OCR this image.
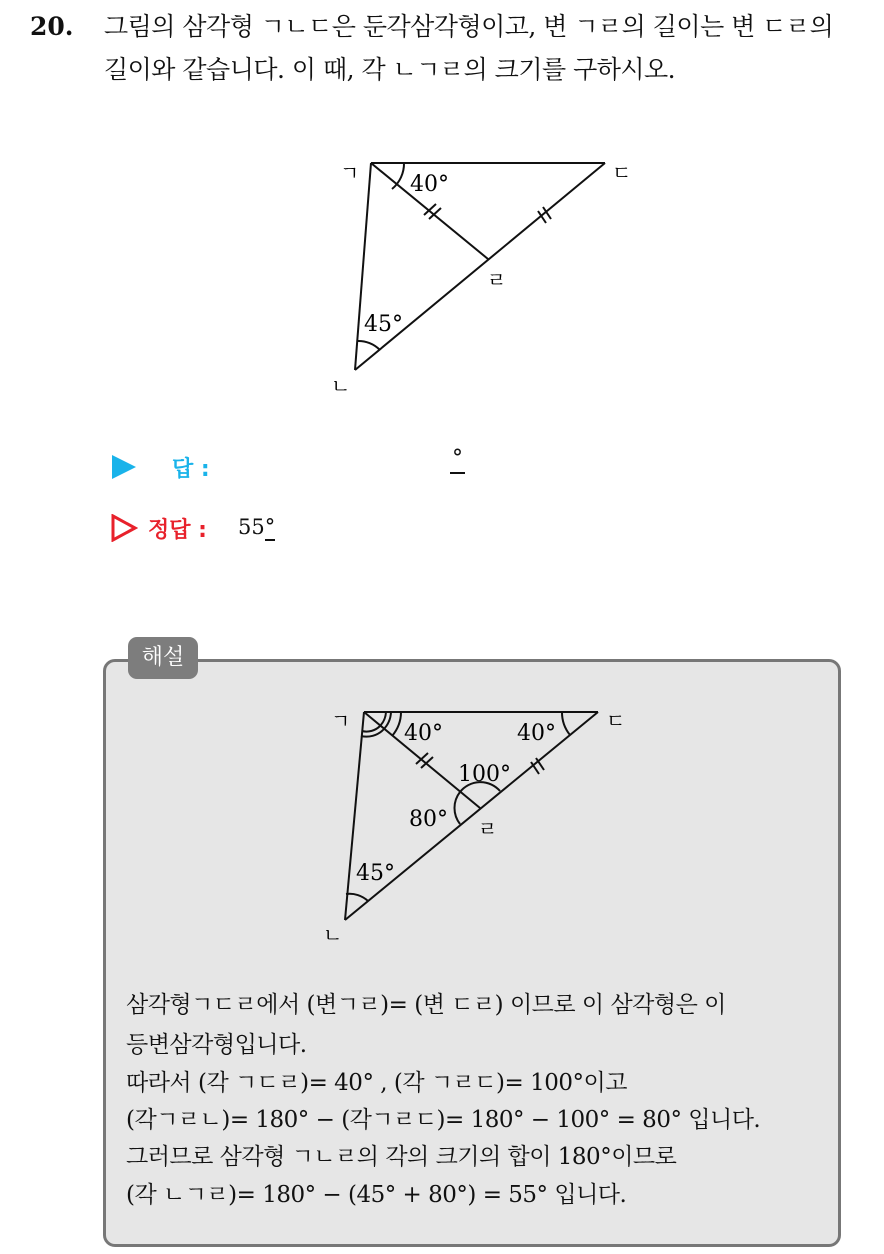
20. 그림의 삼각형 ㄱㄴㄷ은 둔각삼각형이고, 변 ㄱㄹ의 길이는 변 ㄷㄹ의
길이와 같습니다. 이 때, 각 ㄴㄱㄹ의 크기를 구하시오.
ㄱ	ㄷ
ㄹ
ㄴ
40°
45°
답 :	°
정답 : 55°
해설
ㄱ	ㄷ
ㄹ
ㄴ
40°	40°
100°
80°
45°
삼각형ㄱㄷㄹ에서 (변ㄱㄹ)= (변 ㄷㄹ) 이므로 이 삼각형은 이
등변삼각형입니다.
따라서 (각 ㄱㄷㄹ)= 40° , (각 ㄱㄹㄷ)= 100°이고
(각ㄱㄹㄴ)= 180° − (각ㄱㄹㄷ)= 180° − 100° = 80° 입니다.
그러므로 삼각형 ㄱㄴㄹ의 각의 크기의 합이 180°이므로
(각 ㄴㄱㄹ)= 180° − (45° + 80°) = 55° 입니다.
